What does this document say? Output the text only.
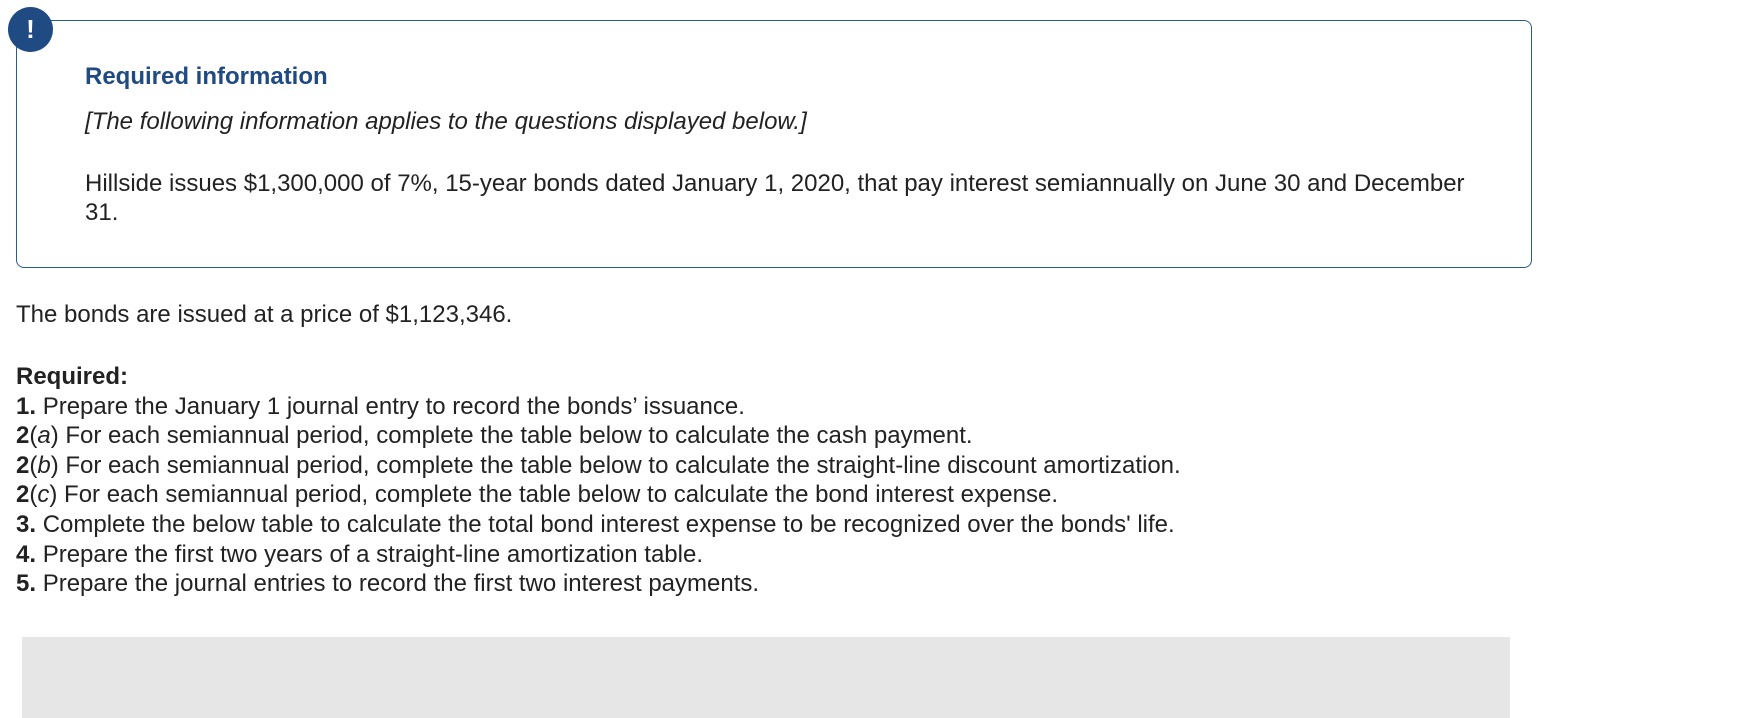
!
Required information

[The following information applies to the questions displayed below.]

Hillside issues $1,300,000 of 7%, 15-year bonds dated January 1, 2020, that pay interest semiannually on June 30 and December 31.

The bonds are issued at a price of $1,123,346.

Required:
1. Prepare the January 1 journal entry to record the bonds’ issuance.
2(a) For each semiannual period, complete the table below to calculate the cash payment.
2(b) For each semiannual period, complete the table below to calculate the straight-line discount amortization.
2(c) For each semiannual period, complete the table below to calculate the bond interest expense.
3. Complete the below table to calculate the total bond interest expense to be recognized over the bonds' life.
4. Prepare the first two years of a straight-line amortization table.
5. Prepare the journal entries to record the first two interest payments.
